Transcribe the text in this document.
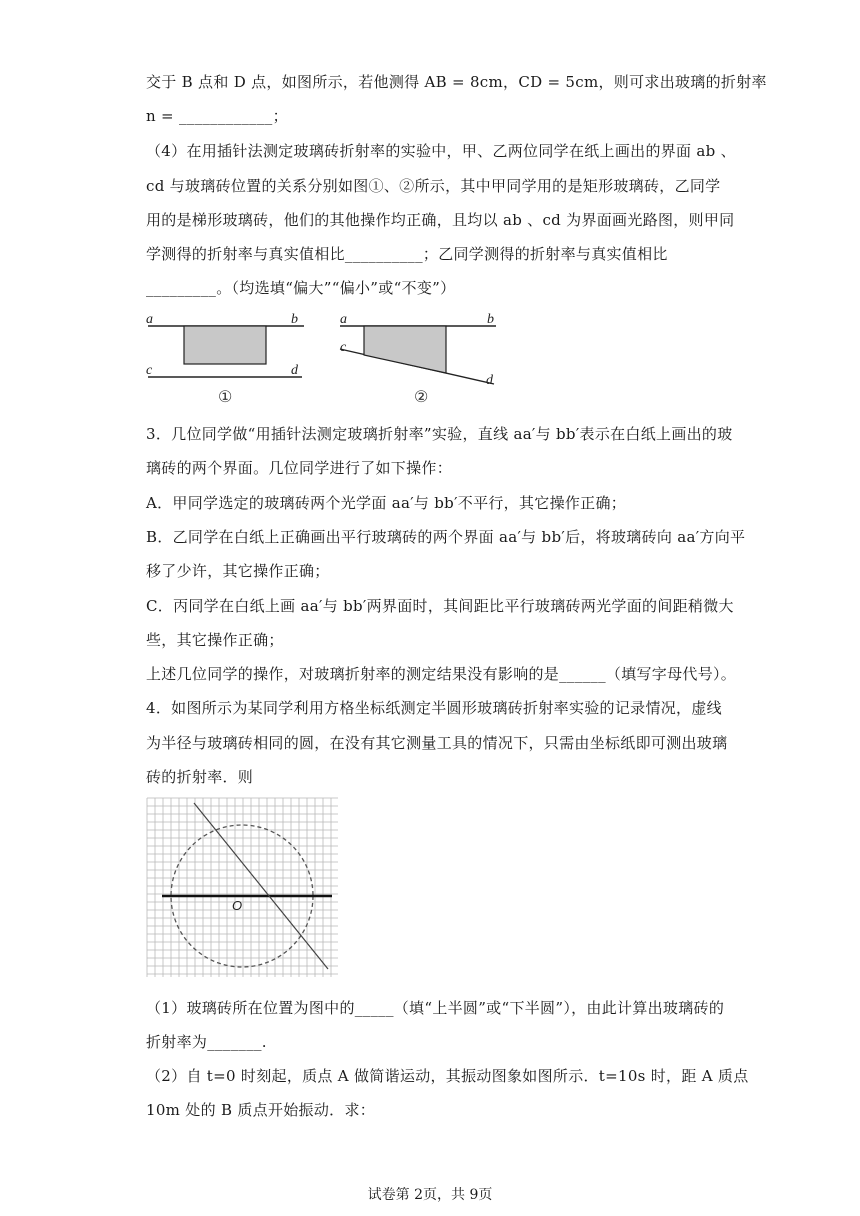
交于 B 点和 D 点，如图所示，若他测得 AB = 8cm，CD = 5cm，则可求出玻璃的折射率
n = ____________；
（4）在用插针法测定玻璃砖折射率的实验中，甲、乙两位同学在纸上画出的界面 ab 、
cd 与玻璃砖位置的关系分别如图①、②所示，其中甲同学用的是矩形玻璃砖，乙同学
用的是梯形玻璃砖，他们的其他操作均正确，且均以 ab 、cd 为界面画光路图，则甲同
学测得的折射率与真实值相比__________；乙同学测得的折射率与真实值相比
_________。（均选填“偏大”“偏小”或“不变”）
a	b
c	d
①
a	b
c
d
②
3．几位同学做“用插针法测定玻璃折射率”实验，直线 aa′与 bb′表示在白纸上画出的玻
璃砖的两个界面。几位同学进行了如下操作：
A．甲同学选定的玻璃砖两个光学面 aa′与 bb′不平行，其它操作正确；
B．乙同学在白纸上正确画出平行玻璃砖的两个界面 aa′与 bb′后，将玻璃砖向 aa′方向平
移了少许，其它操作正确；
C．丙同学在白纸上画 aa′与 bb′两界面时，其间距比平行玻璃砖两光学面的间距稍微大
些，其它操作正确；
上述几位同学的操作，对玻璃折射率的测定结果没有影响的是______（填写字母代号）。
4．如图所示为某同学利用方格坐标纸测定半圆形玻璃砖折射率实验的记录情况，虚线
为半径与玻璃砖相同的圆，在没有其它测量工具的情况下，只需由坐标纸即可测出玻璃
砖的折射率．则
O
（1）玻璃砖所在位置为图中的_____（填“上半圆”或“下半圆”），由此计算出玻璃砖的
折射率为_______.
（2）自 t=0 时刻起，质点 A 做简谐运动，其振动图象如图所示．t=10s 时，距 A 质点
10m 处的 B 质点开始振动．求：
试卷第 2页，共 9页
